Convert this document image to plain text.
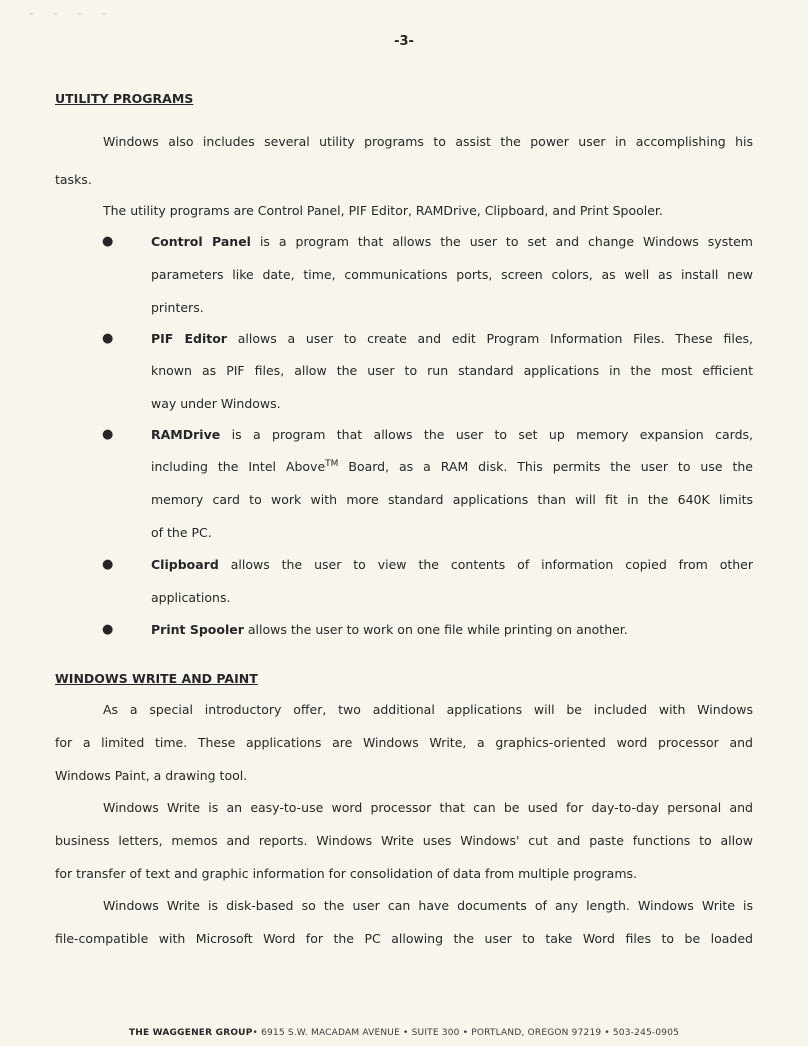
- - - -
-3-
UTILITY PROGRAMS
Windows also includes several utility programs to assist the power user in accomplishing his
tasks.
The utility programs are Control Panel, PIF Editor, RAMDrive, Clipboard, and Print Spooler.
●	Control Panel is a program that allows the user to set and change Windows system
parameters like date, time, communications ports, screen colors, as well as install new
printers.
●	PIF Editor allows a user to create and edit Program Information Files. These files,
known as PIF files, allow the user to run standard applications in the most efficient
way under Windows.
●	RAMDrive is a program that allows the user to set up memory expansion cards,
including the Intel Above™ Board, as a RAM disk. This permits the user to use the
memory card to work with more standard applications than will fit in the 640K limits
of the PC.
●	Clipboard allows the user to view the contents of information copied from other
applications.
●	Print Spooler allows the user to work on one file while printing on another.
WINDOWS WRITE AND PAINT
As a special introductory offer, two additional applications will be included with Windows
for a limited time. These applications are Windows Write, a graphics-oriented word processor and
Windows Paint, a drawing tool.
Windows Write is an easy-to-use word processor that can be used for day-to-day personal and
business letters, memos and reports. Windows Write uses Windows' cut and paste functions to allow
for transfer of text and graphic information for consolidation of data from multiple programs.
Windows Write is disk-based so the user can have documents of any length. Windows Write is
file-compatible with Microsoft Word for the PC allowing the user to take Word files to be loaded
THE WAGGENER GROUP• 6915 S.W. MACADAM AVENUE • SUITE 300 • PORTLAND, OREGON 97219 • 503-245-0905
